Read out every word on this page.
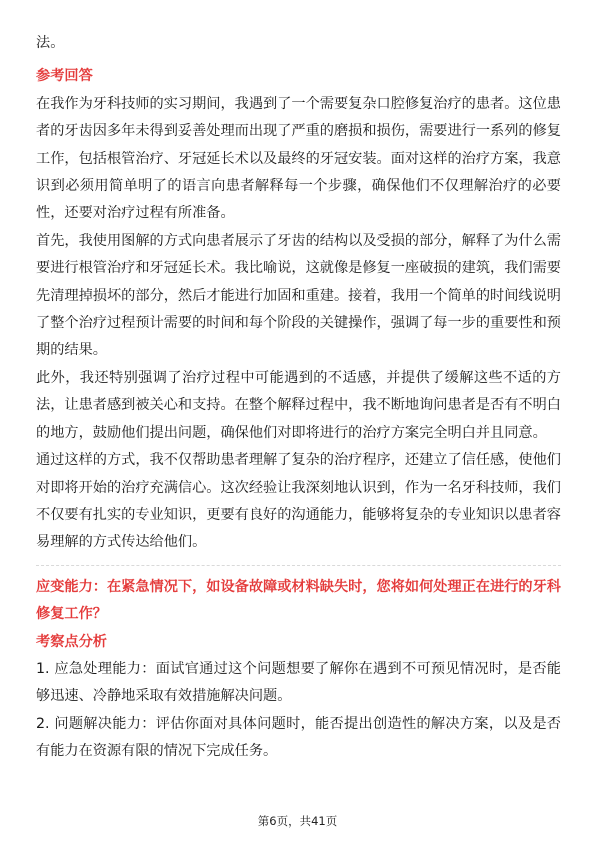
法。

参考回答

在我作为牙科技师的实习期间，我遇到了一个需要复杂口腔修复治疗的患者。这位患者的牙齿因多年未得到妥善处理而出现了严重的磨损和损伤，需要进行一系列的修复工作，包括根管治疗、牙冠延长术以及最终的牙冠安装。面对这样的治疗方案，我意识到必须用简单明了的语言向患者解释每一个步骤，确保他们不仅理解治疗的必要性，还要对治疗过程有所准备。

首先，我使用图解的方式向患者展示了牙齿的结构以及受损的部分，解释了为什么需要进行根管治疗和牙冠延长术。我比喻说，这就像是修复一座破损的建筑，我们需要先清理掉损坏的部分，然后才能进行加固和重建。接着，我用一个简单的时间线说明了整个治疗过程预计需要的时间和每个阶段的关键操作，强调了每一步的重要性和预期的结果。

此外，我还特别强调了治疗过程中可能遇到的不适感，并提供了缓解这些不适的方法，让患者感到被关心和支持。在整个解释过程中，我不断地询问患者是否有不明白的地方，鼓励他们提出问题，确保他们对即将进行的治疗方案完全明白并且同意。

通过这样的方式，我不仅帮助患者理解了复杂的治疗程序，还建立了信任感，使他们对即将开始的治疗充满信心。这次经验让我深刻地认识到，作为一名牙科技师，我们不仅要有扎实的专业知识，更要有良好的沟通能力，能够将复杂的专业知识以患者容易理解的方式传达给他们。

应变能力：在紧急情况下，如设备故障或材料缺失时，您将如何处理正在进行的牙科修复工作？

考察点分析

1. 应急处理能力：面试官通过这个问题想要了解你在遇到不可预见情况时，是否能够迅速、冷静地采取有效措施解决问题。

2. 问题解决能力：评估你面对具体问题时，能否提出创造性的解决方案，以及是否有能力在资源有限的情况下完成任务。

第6页，共41页
